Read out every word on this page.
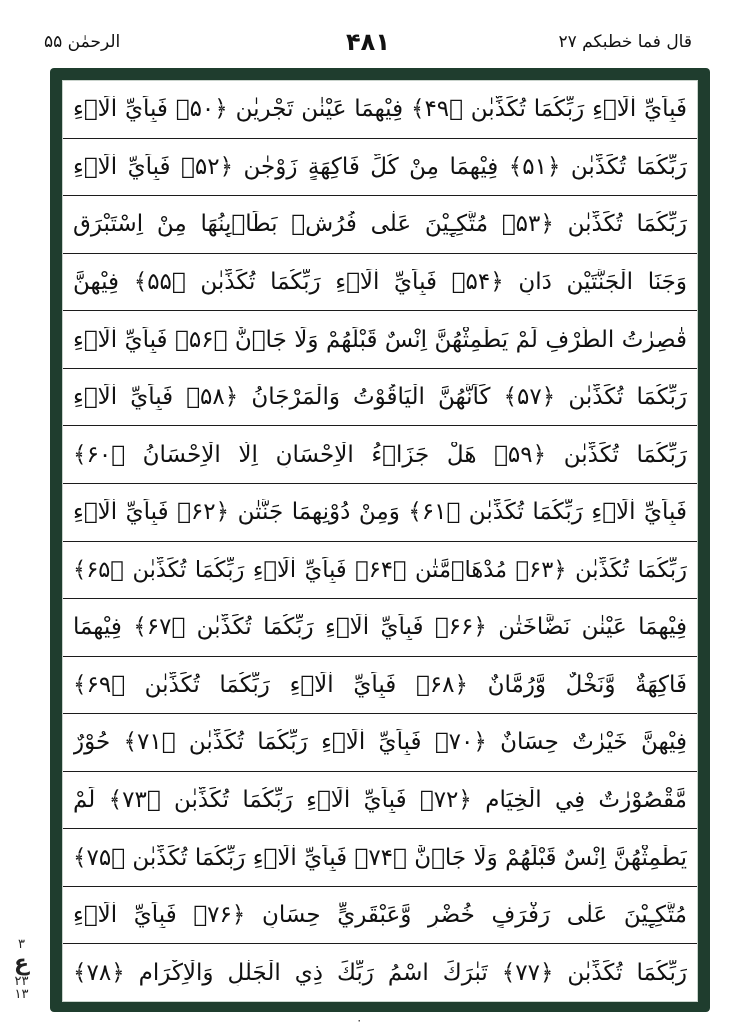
قال فما خطبکم ۲۷
۴۸۱
الرحمٰن ۵۵
فَبِاَيِّ اٰلَاۤءِ رَبِّكُمَا تُكَذِّبٰنِ ﴿۴۹﴾ فِيْهِمَا عَيْنٰنِ تَجْرِيٰنِ ﴿۵۰﴾ فَبِاَيِّ اٰلَاۤءِ
رَبِّكُمَا تُكَذِّبٰنِ ﴿۵۱﴾ فِيْهِمَا مِنْ كُلِّ فَاكِهَةٍ زَوْجٰنِ ﴿۵۲﴾ فَبِاَيِّ اٰلَاۤءِ
رَبِّكُمَا تُكَذِّبٰنِ ﴿۵۳﴾ مُتَّكِـِٕيْنَ عَلٰى فُرُشٍۭ بَطَاۤىِٕنُهَا مِنْ اِسْتَبْرَقٍ
وَجَنَا الْجَنَّتَيْنِ دَانٍ ﴿۵۴﴾ فَبِاَيِّ اٰلَاۤءِ رَبِّكُمَا تُكَذِّبٰنِ ﴿۵۵﴾ فِيْهِنَّ
قٰصِرٰتُ الطَّرْفِ لَمْ يَطْمِثْهُنَّ اِنْسٌ قَبْلَهُمْ وَلَا جَاۤنٌّ ﴿۵۶﴾ فَبِاَيِّ اٰلَاۤءِ
رَبِّكُمَا تُكَذِّبٰنِ ﴿۵۷﴾ كَاَنَّهُنَّ الْيَاقُوْتُ وَالْمَرْجَانُ ﴿۵۸﴾ فَبِاَيِّ اٰلَاۤءِ
رَبِّكُمَا تُكَذِّبٰنِ ﴿۵۹﴾ هَلْ جَزَاۤءُ الْاِحْسَانِ اِلَّا الْاِحْسَانُ ﴿۶۰﴾
فَبِاَيِّ اٰلَاۤءِ رَبِّكُمَا تُكَذِّبٰنِ ﴿۶۱﴾ وَمِنْ دُوْنِهِمَا جَنَّتٰنِ ﴿۶۲﴾ فَبِاَيِّ اٰلَاۤءِ
رَبِّكُمَا تُكَذِّبٰنِ ﴿۶۳﴾ مُدْهَاۤمَّتٰنِ ﴿۶۴﴾ فَبِاَيِّ اٰلَاۤءِ رَبِّكُمَا تُكَذِّبٰنِ ﴿۶۵﴾
فِيْهِمَا عَيْنٰنِ نَضَّاخَتٰنِ ﴿۶۶﴾ فَبِاَيِّ اٰلَاۤءِ رَبِّكُمَا تُكَذِّبٰنِ ﴿۶۷﴾ فِيْهِمَا
فَاكِهَةٌ وَّنَخْلٌ وَّرُمَّانٌ ﴿۶۸﴾ فَبِاَيِّ اٰلَاۤءِ رَبِّكُمَا تُكَذِّبٰنِ ﴿۶۹﴾
فِيْهِنَّ خَيْرٰتٌ حِسَانٌ ﴿۷۰﴾ فَبِاَيِّ اٰلَاۤءِ رَبِّكُمَا تُكَذِّبٰنِ ﴿۷۱﴾ حُوْرٌ
مَّقْصُوْرٰتٌ فِي الْخِيَامِ ﴿۷۲﴾ فَبِاَيِّ اٰلَاۤءِ رَبِّكُمَا تُكَذِّبٰنِ ﴿۷۳﴾ لَمْ
يَطْمِثْهُنَّ اِنْسٌ قَبْلَهُمْ وَلَا جَاۤنٌّ ﴿۷۴﴾ فَبِاَيِّ اٰلَاۤءِ رَبِّكُمَا تُكَذِّبٰنِ ﴿۷۵﴾
مُتَّكِـِٕيْنَ عَلٰى رَفْرَفٍ خُضْرٍ وَّعَبْقَرِيٍّ حِسَانٍ ﴿۷۶﴾ فَبِاَيِّ اٰلَاۤءِ
رَبِّكُمَا تُكَذِّبٰنِ ﴿۷۷﴾ تَبٰرَكَ اسْمُ رَبِّكَ ذِي الْجَلٰلِ وَالْاِكْرَامِ ﴿۷۸﴾
۳
ع
۲۳
۱۳
٠
